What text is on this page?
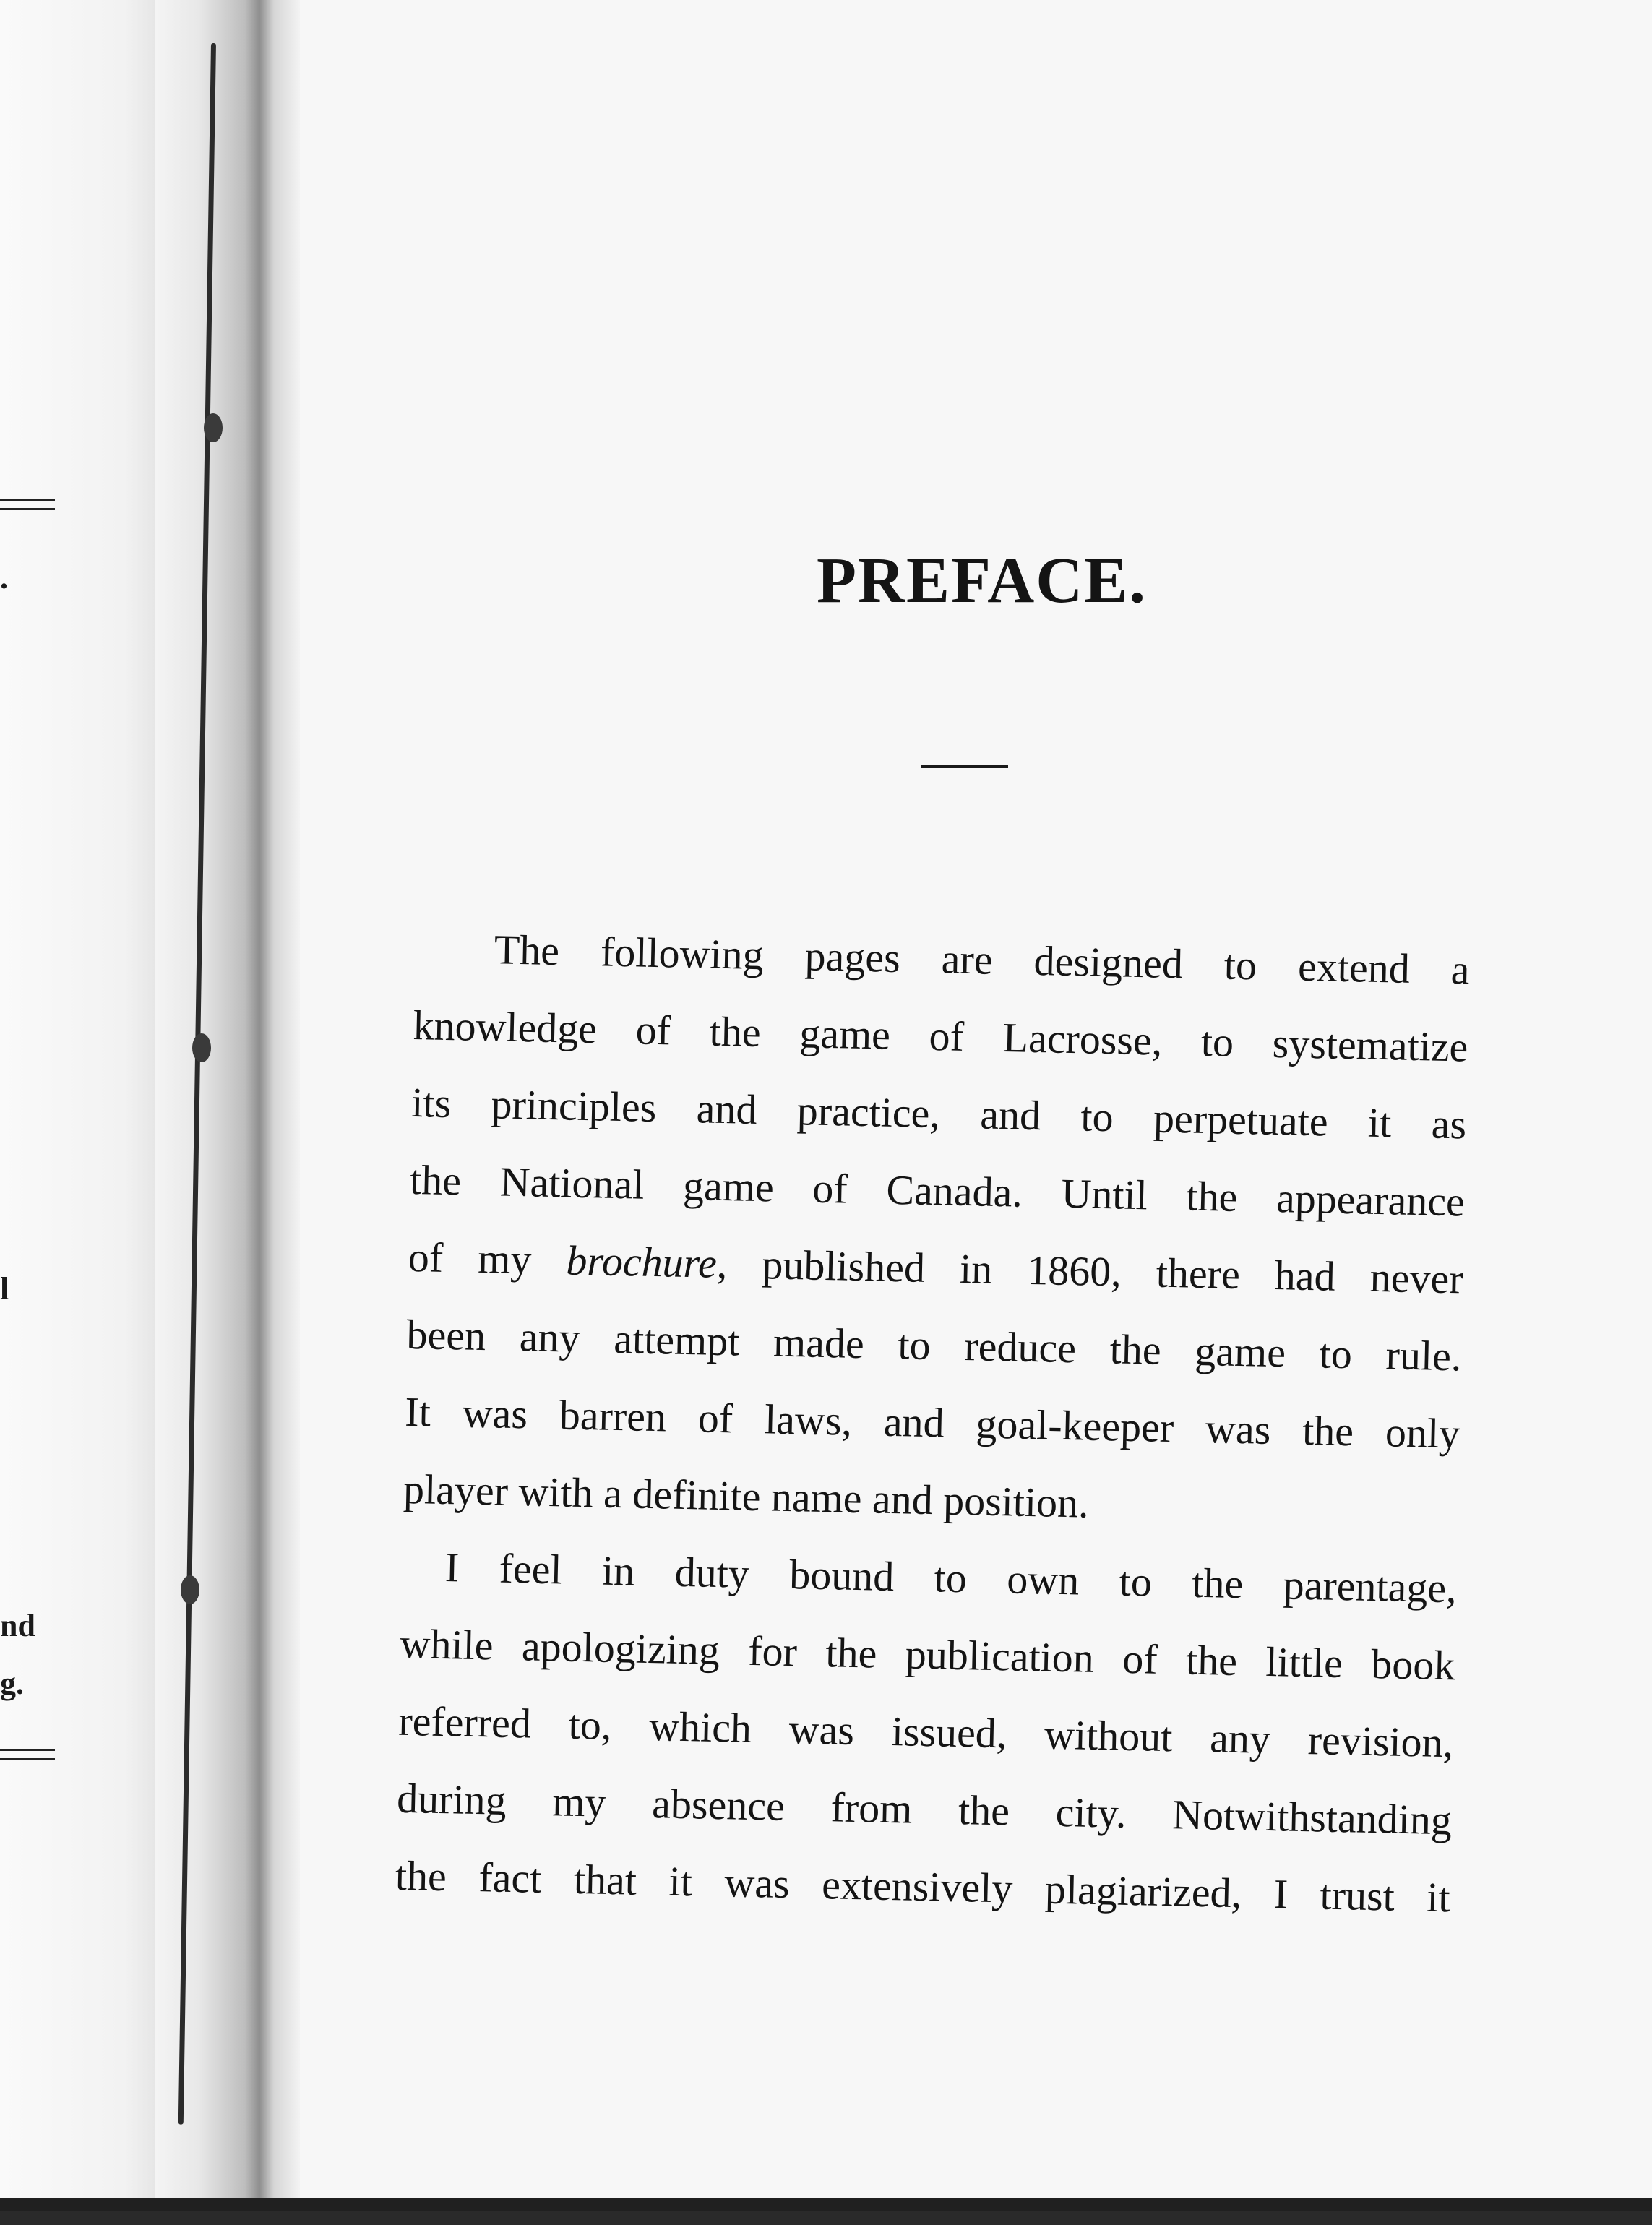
.
l
nd
g.
PREFACE.
The following pages are designed to extend a
knowledge of the game of Lacrosse, to systematize
its principles and practice, and to perpetuate it as
the National game of Canada. Until the appearance
of my brochure, published in 1860, there had never
been any attempt made to reduce the game to rule.
It was barren of laws, and goal-keeper was the only
player with a definite name and position.
I feel in duty bound to own to the parentage,
while apologizing for the publication of the little book
referred to, which was issued, without any revision,
during my absence from the city. Notwithstanding
the fact that it was extensively plagiarized, I trust it
